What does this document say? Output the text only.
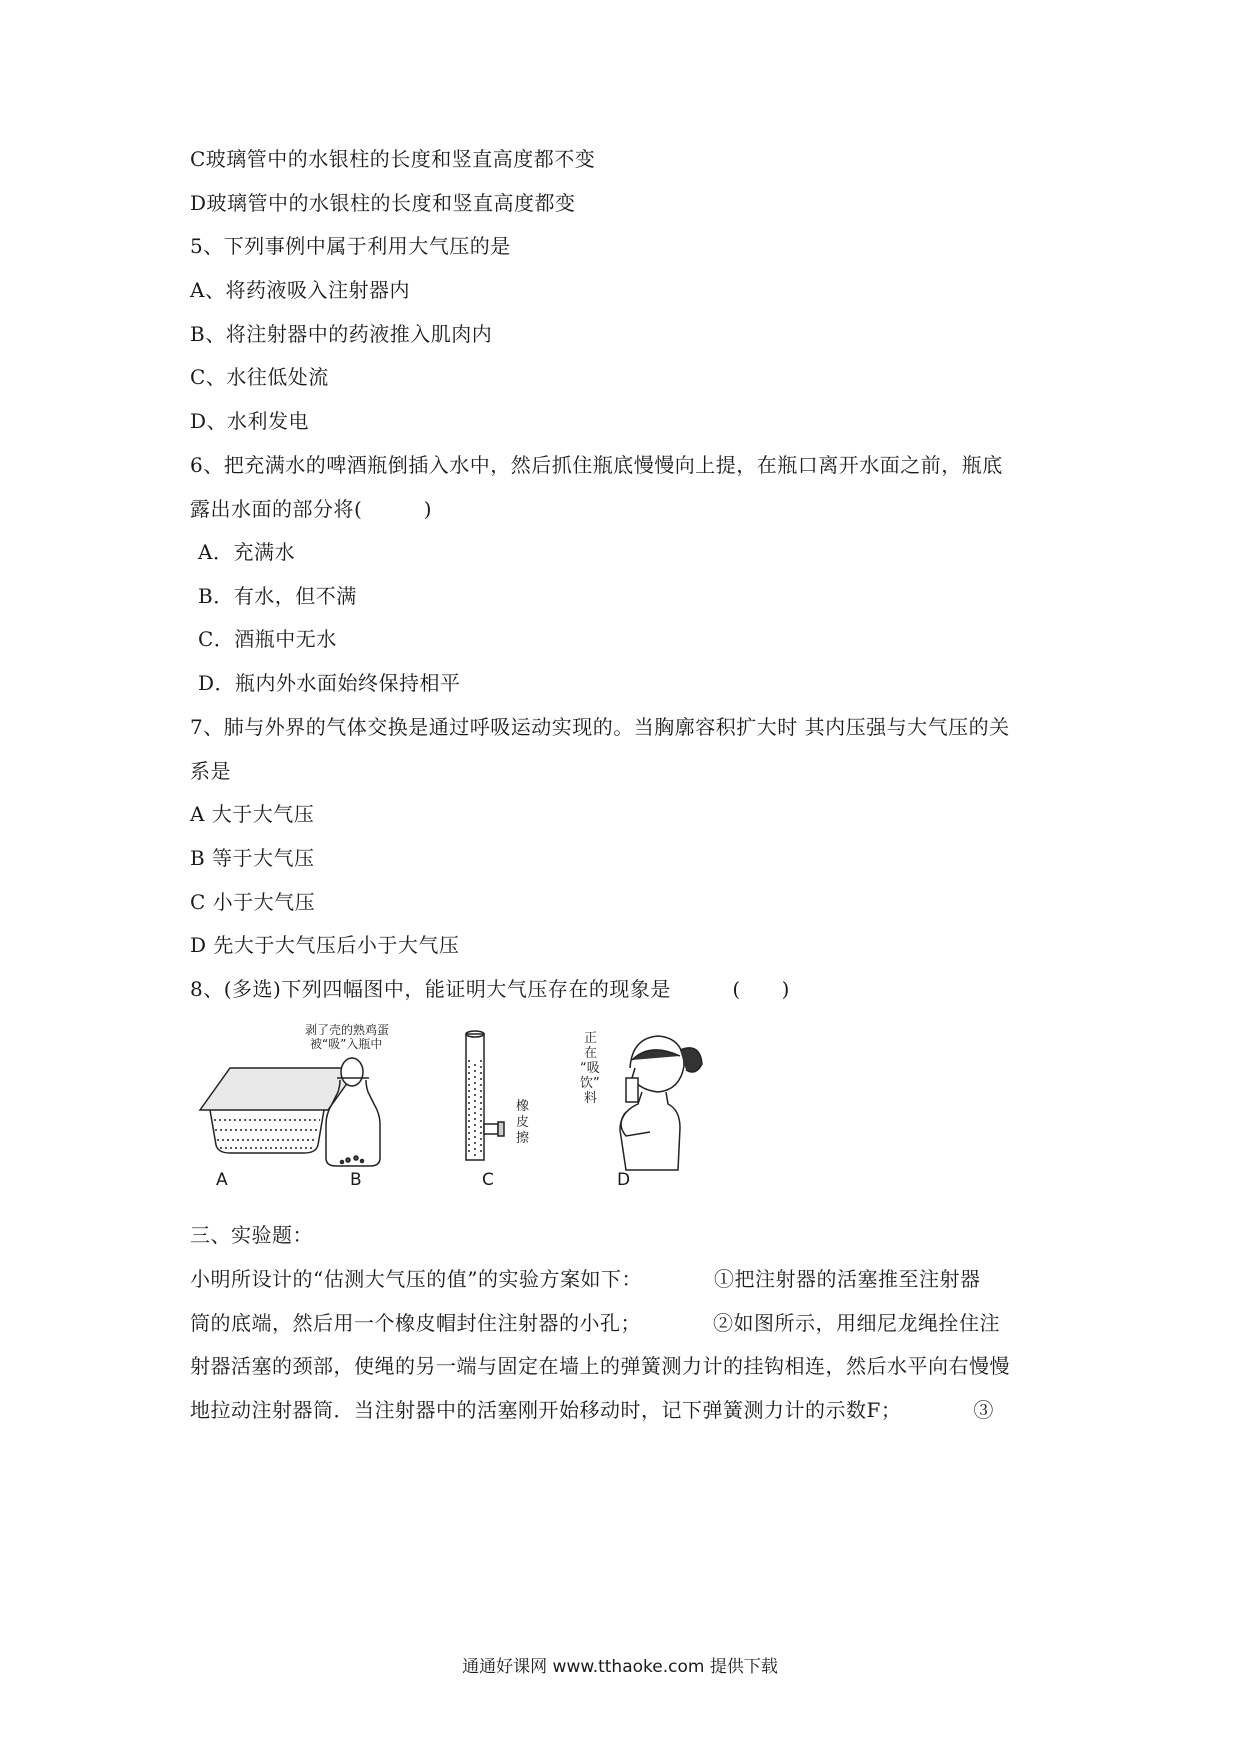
C玻璃管中的水银柱的长度和竖直高度都不变
D玻璃管中的水银柱的长度和竖直高度都变
5、下列事例中属于利用大气压的是
A、将药液吸入注射器内
B、将注射器中的药液推入肌肉内
C、水往低处流
D、水利发电
6、把充满水的啤酒瓶倒插入水中，然后抓住瓶底慢慢向上提，在瓶口离开水面之前，瓶底
露出水面的部分将(　　　)
A．充满水
B．有水，但不满
C．酒瓶中无水
D．瓶内外水面始终保持相平
7、肺与外界的气体交换是通过呼吸运动实现的。当胸廓容积扩大时 其内压强与大气压的关
系是
A 大于大气压
B 等于大气压
C 小于大气压
D 先大于大气压后小于大气压
8、(多选)下列四幅图中，能证明大气压存在的现象是　　　(　　)
剥了壳的熟鸡蛋
被“吸”入瓶中
橡
皮
擦
正
在
“吸
饮”
料
A	B	C	D
三、实验题：
小明所设计的“估测大气压的值”的实验方案如下：　　　　①把注射器的活塞推至注射器
筒的底端，然后用一个橡皮帽封住注射器的小孔；　　　　②如图所示，用细尼龙绳拴住注
射器活塞的颈部，使绳的另一端与固定在墙上的弹簧测力计的挂钩相连，然后水平向右慢慢
地拉动注射器筒．当注射器中的活塞刚开始移动时，记下弹簧测力计的示数F；　　　　③
通通好课网 www.tthaoke.com 提供下载
